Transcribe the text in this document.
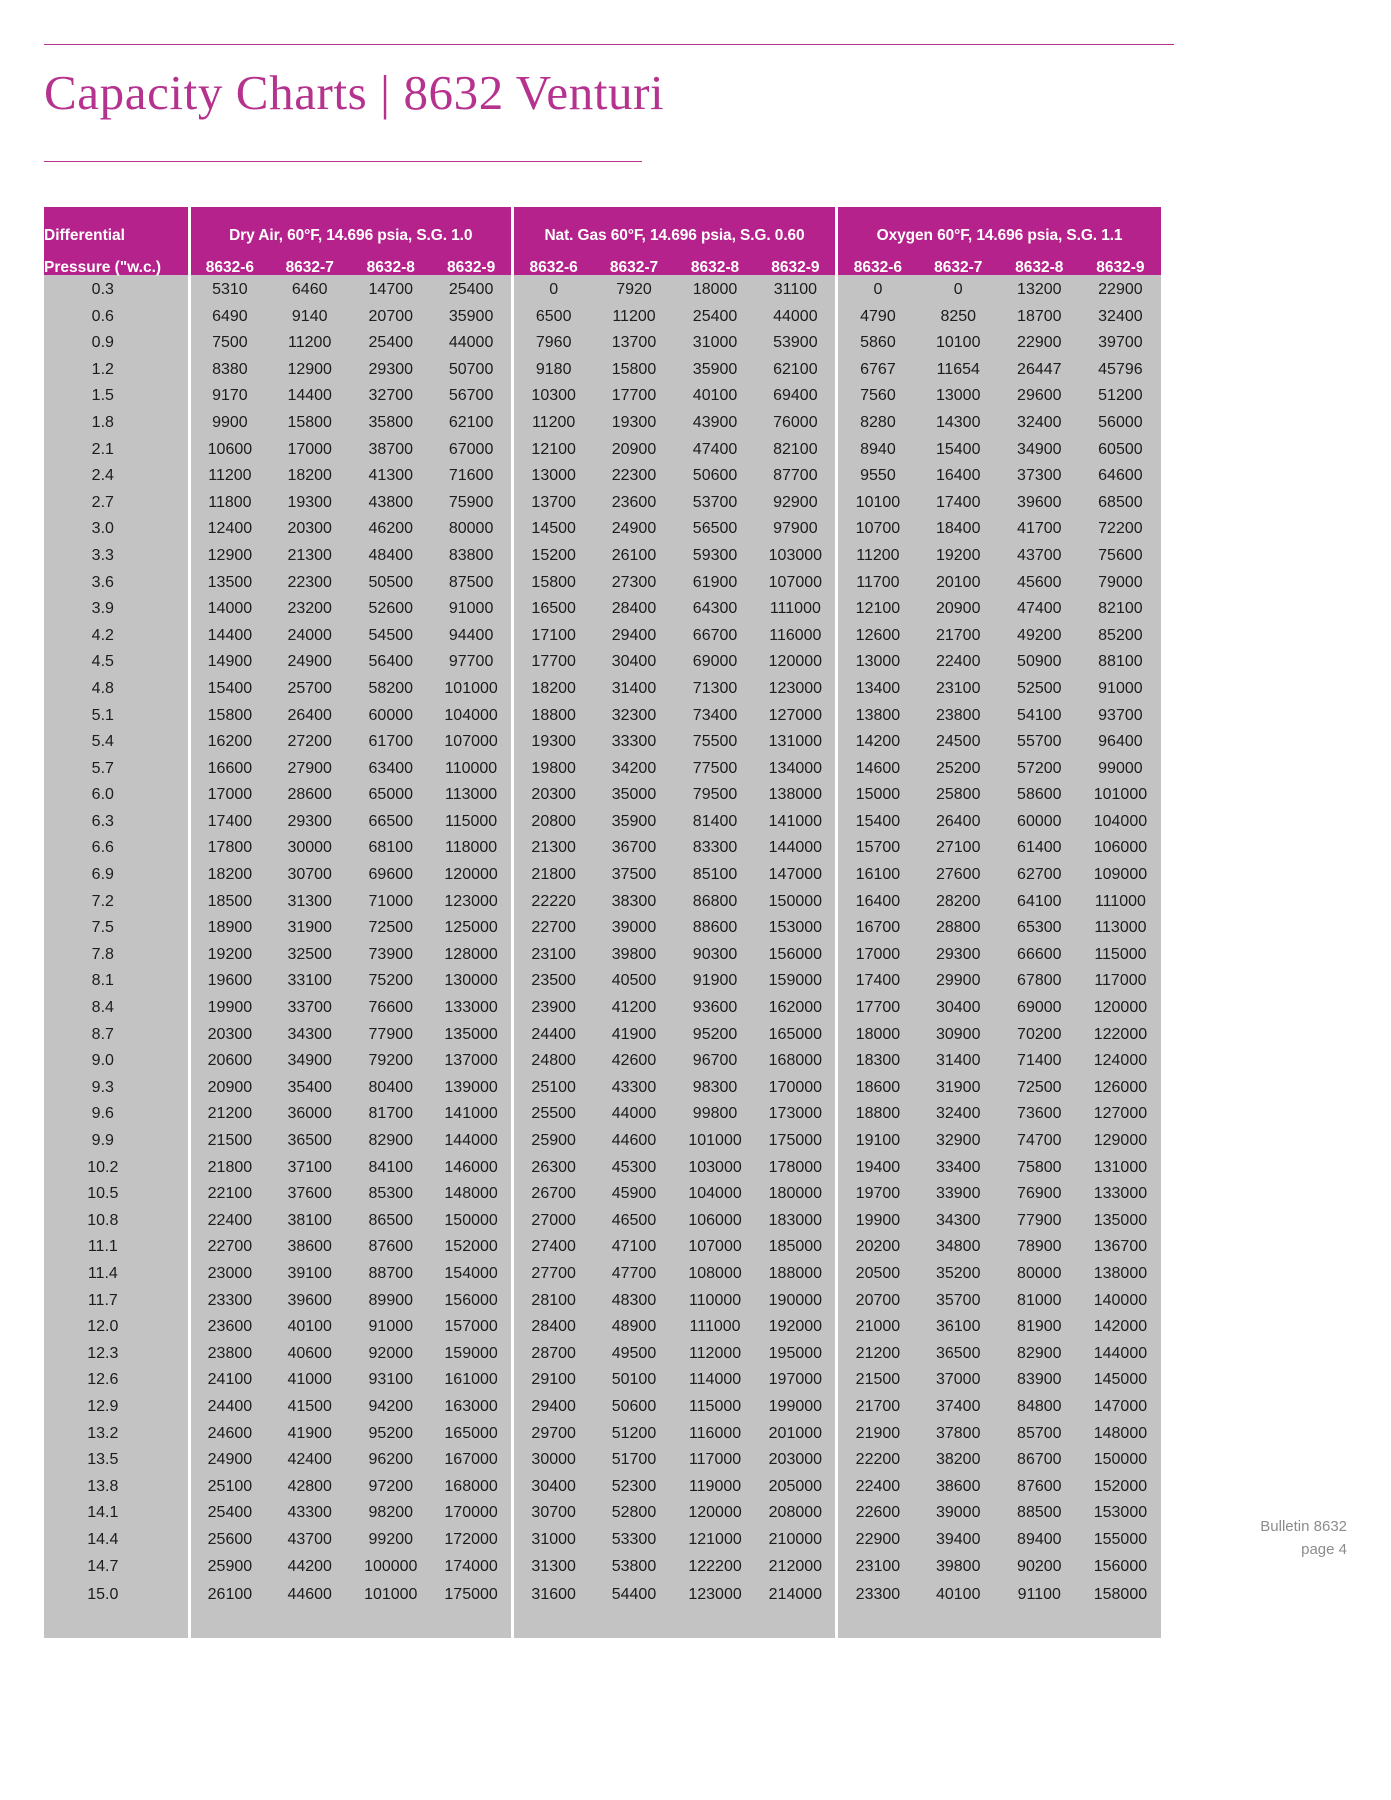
Capacity Charts | 8632 Venturi
Differential	Dry Air, 60°F, 14.696 psia, S.G. 1.0				Nat. Gas 60°F, 14.696 psia, S.G. 0.60				Oxygen 60°F, 14.696 psia, S.G. 1.1			
Pressure ("w.c.)	8632-6	8632-7	8632-8	8632-9	8632-6	8632-7	8632-8	8632-9	8632-6	8632-7	8632-8	8632-9
0.3	5310	6460	14700	25400	0	7920	18000	31100	0	0	13200	22900
0.6	6490	9140	20700	35900	6500	11200	25400	44000	4790	8250	18700	32400
0.9	7500	11200	25400	44000	7960	13700	31000	53900	5860	10100	22900	39700
1.2	8380	12900	29300	50700	9180	15800	35900	62100	6767	11654	26447	45796
1.5	9170	14400	32700	56700	10300	17700	40100	69400	7560	13000	29600	51200
1.8	9900	15800	35800	62100	11200	19300	43900	76000	8280	14300	32400	56000
2.1	10600	17000	38700	67000	12100	20900	47400	82100	8940	15400	34900	60500
2.4	11200	18200	41300	71600	13000	22300	50600	87700	9550	16400	37300	64600
2.7	11800	19300	43800	75900	13700	23600	53700	92900	10100	17400	39600	68500
3.0	12400	20300	46200	80000	14500	24900	56500	97900	10700	18400	41700	72200
3.3	12900	21300	48400	83800	15200	26100	59300	103000	11200	19200	43700	75600
3.6	13500	22300	50500	87500	15800	27300	61900	107000	11700	20100	45600	79000
3.9	14000	23200	52600	91000	16500	28400	64300	111000	12100	20900	47400	82100
4.2	14400	24000	54500	94400	17100	29400	66700	116000	12600	21700	49200	85200
4.5	14900	24900	56400	97700	17700	30400	69000	120000	13000	22400	50900	88100
4.8	15400	25700	58200	101000	18200	31400	71300	123000	13400	23100	52500	91000
5.1	15800	26400	60000	104000	18800	32300	73400	127000	13800	23800	54100	93700
5.4	16200	27200	61700	107000	19300	33300	75500	131000	14200	24500	55700	96400
5.7	16600	27900	63400	110000	19800	34200	77500	134000	14600	25200	57200	99000
6.0	17000	28600	65000	113000	20300	35000	79500	138000	15000	25800	58600	101000
6.3	17400	29300	66500	115000	20800	35900	81400	141000	15400	26400	60000	104000
6.6	17800	30000	68100	118000	21300	36700	83300	144000	15700	27100	61400	106000
6.9	18200	30700	69600	120000	21800	37500	85100	147000	16100	27600	62700	109000
7.2	18500	31300	71000	123000	22220	38300	86800	150000	16400	28200	64100	111000
7.5	18900	31900	72500	125000	22700	39000	88600	153000	16700	28800	65300	113000
7.8	19200	32500	73900	128000	23100	39800	90300	156000	17000	29300	66600	115000
8.1	19600	33100	75200	130000	23500	40500	91900	159000	17400	29900	67800	117000
8.4	19900	33700	76600	133000	23900	41200	93600	162000	17700	30400	69000	120000
8.7	20300	34300	77900	135000	24400	41900	95200	165000	18000	30900	70200	122000
9.0	20600	34900	79200	137000	24800	42600	96700	168000	18300	31400	71400	124000
9.3	20900	35400	80400	139000	25100	43300	98300	170000	18600	31900	72500	126000
9.6	21200	36000	81700	141000	25500	44000	99800	173000	18800	32400	73600	127000
9.9	21500	36500	82900	144000	25900	44600	101000	175000	19100	32900	74700	129000
10.2	21800	37100	84100	146000	26300	45300	103000	178000	19400	33400	75800	131000
10.5	22100	37600	85300	148000	26700	45900	104000	180000	19700	33900	76900	133000
10.8	22400	38100	86500	150000	27000	46500	106000	183000	19900	34300	77900	135000
11.1	22700	38600	87600	152000	27400	47100	107000	185000	20200	34800	78900	136700
11.4	23000	39100	88700	154000	27700	47700	108000	188000	20500	35200	80000	138000
11.7	23300	39600	89900	156000	28100	48300	110000	190000	20700	35700	81000	140000
12.0	23600	40100	91000	157000	28400	48900	111000	192000	21000	36100	81900	142000
12.3	23800	40600	92000	159000	28700	49500	112000	195000	21200	36500	82900	144000
12.6	24100	41000	93100	161000	29100	50100	114000	197000	21500	37000	83900	145000
12.9	24400	41500	94200	163000	29400	50600	115000	199000	21700	37400	84800	147000
13.2	24600	41900	95200	165000	29700	51200	116000	201000	21900	37800	85700	148000
13.5	24900	42400	96200	167000	30000	51700	117000	203000	22200	38200	86700	150000
13.8	25100	42800	97200	168000	30400	52300	119000	205000	22400	38600	87600	152000
14.1	25400	43300	98200	170000	30700	52800	120000	208000	22600	39000	88500	153000
14.4	25600	43700	99200	172000	31000	53300	121000	210000	22900	39400	89400	155000
14.7	25900	44200	100000	174000	31300	53800	122200	212000	23100	39800	90200	156000
15.0	26100	44600	101000	175000	31600	54400	123000	214000	23300	40100	91100	158000

Bulletin 8632
page 4
